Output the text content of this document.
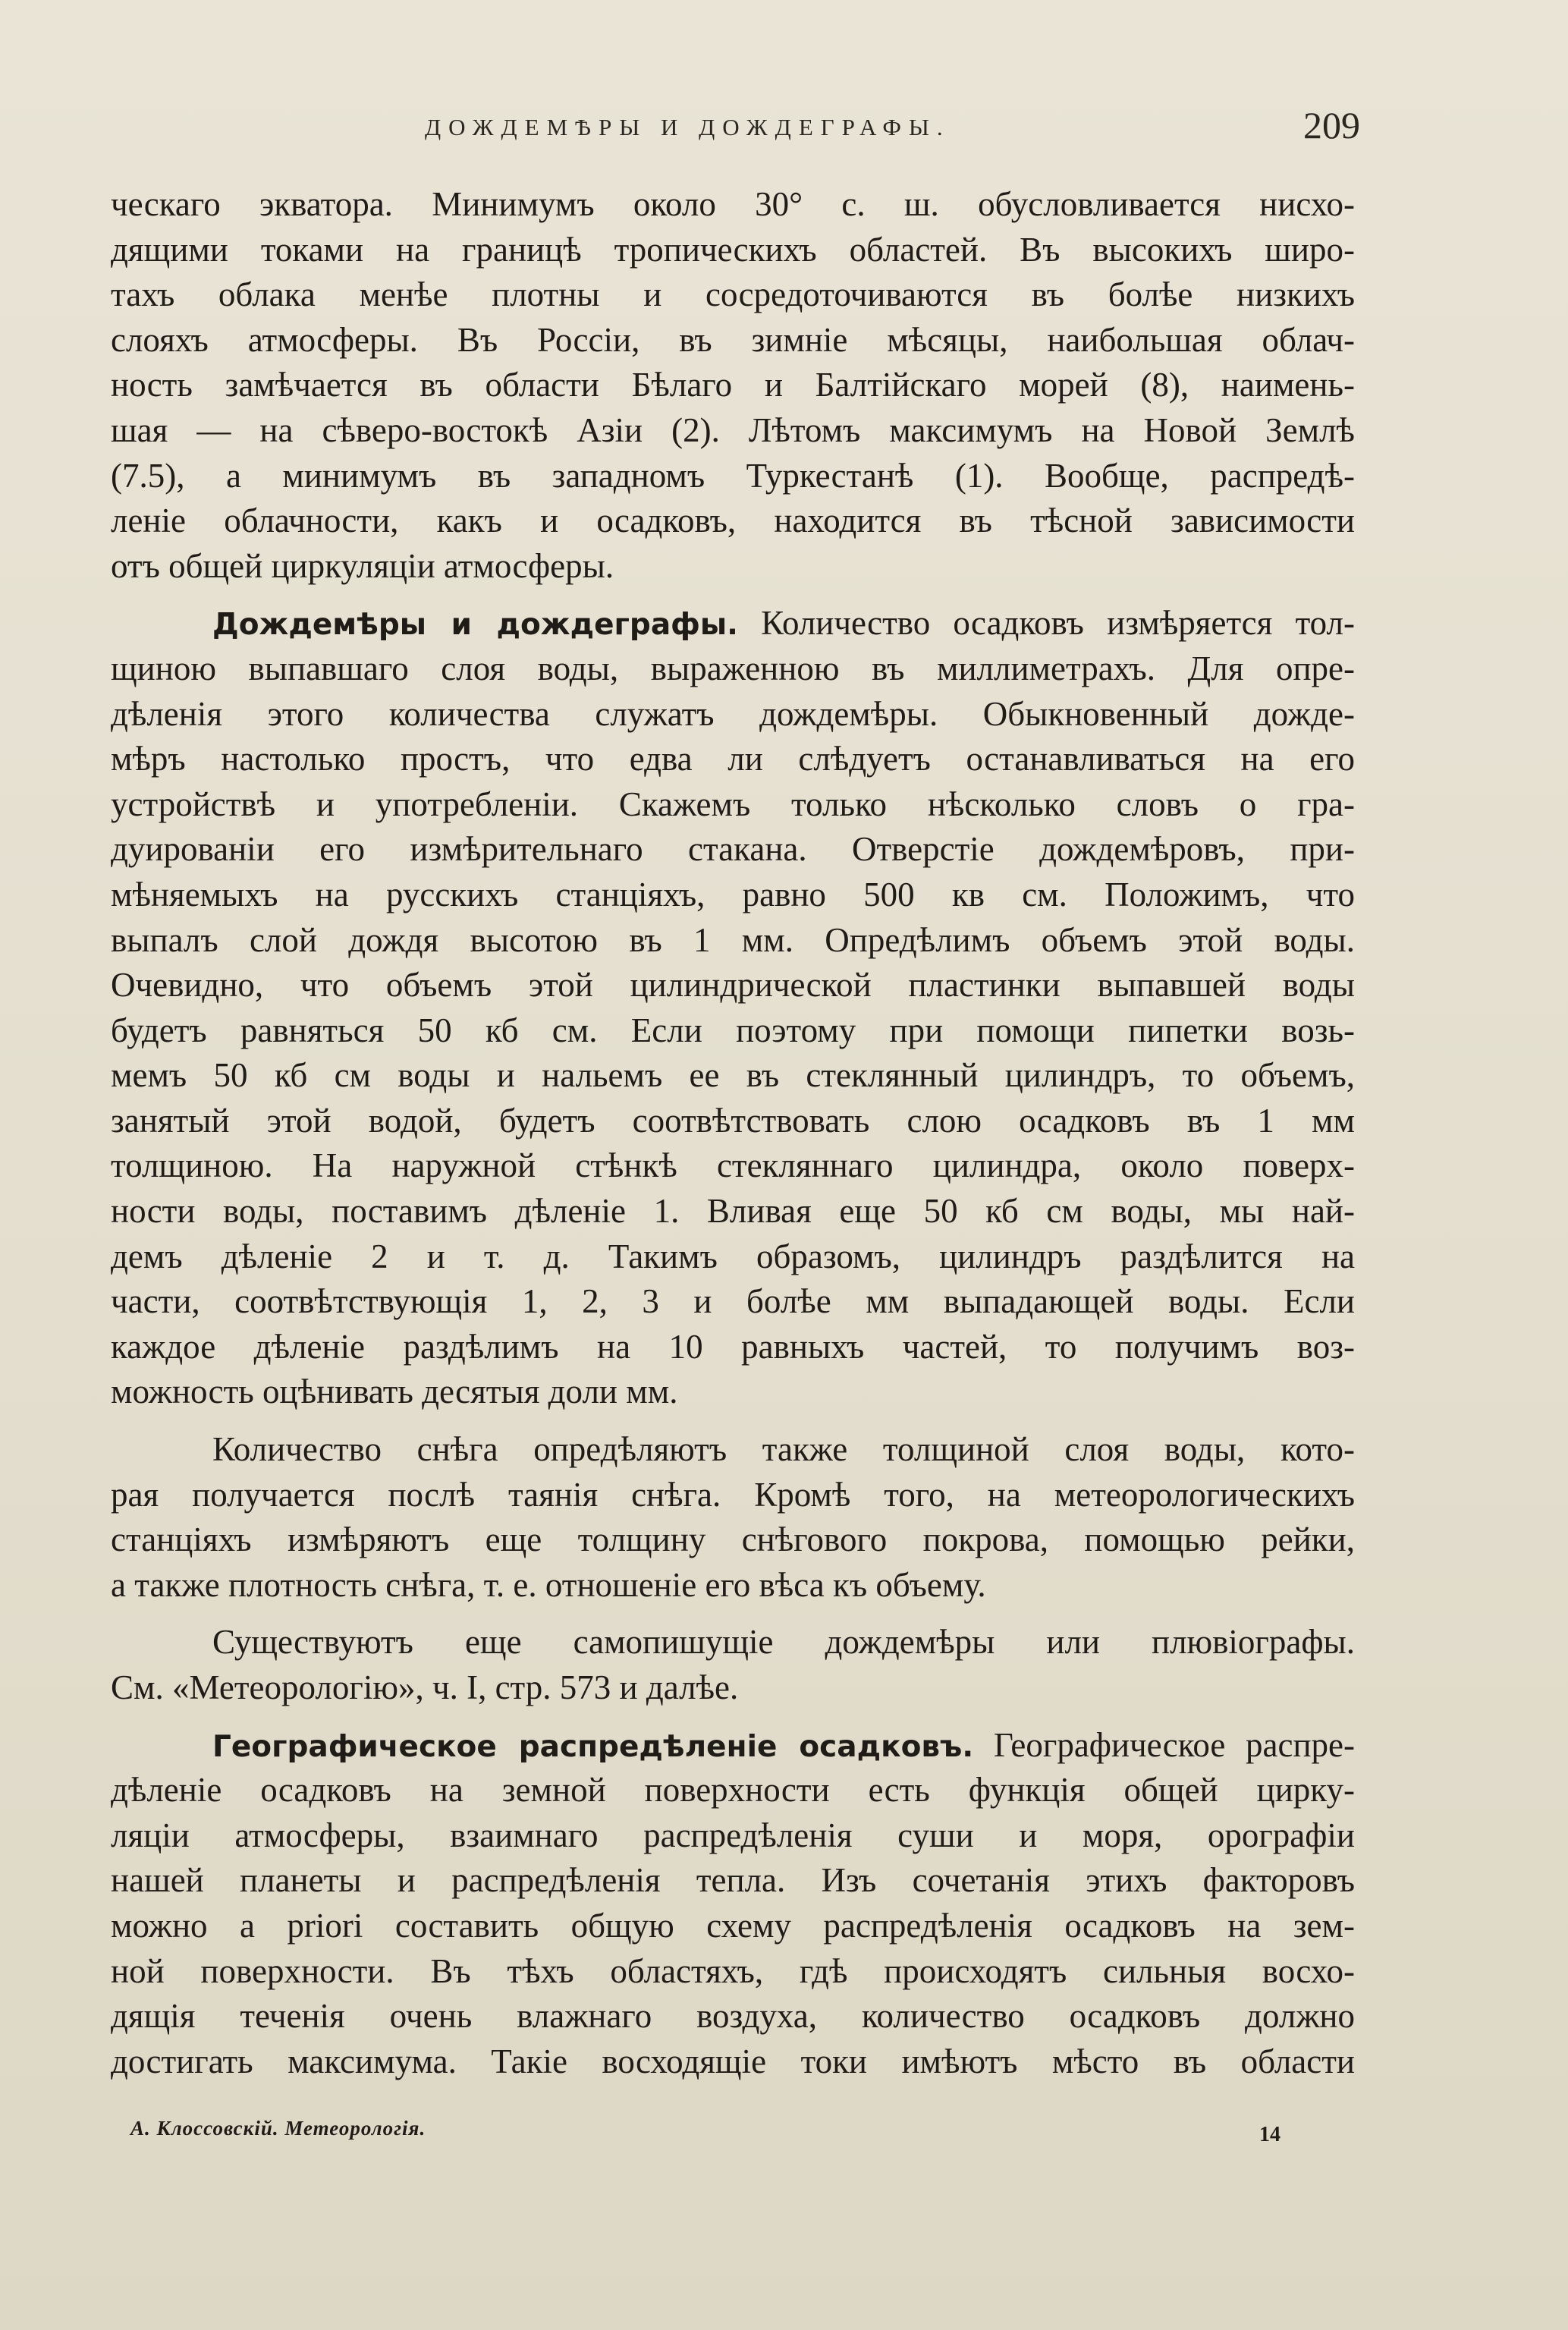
ДОЖДЕМѢРЫ И ДОЖДЕГРАФЫ.	209
ческаго экватора. Минимумъ около 30° с. ш. обусловливается нисхо-
дящими токами на границѣ тропическихъ областей. Въ высокихъ широ-
тахъ облака менѣе плотны и сосредоточиваются въ болѣе низкихъ
слояхъ атмосферы. Въ Россіи, въ зимніе мѣсяцы, наибольшая облач-
ность замѣчается въ области Бѣлаго и Балтійскаго морей (8), наимень-
шая — на сѣверо-востокѣ Азіи (2). Лѣтомъ максимумъ на Новой Землѣ
(7.5), а минимумъ въ западномъ Туркестанѣ (1). Вообще, распредѣ-
леніе облачности, какъ и осадковъ, находится въ тѣсной зависимости
отъ общей циркуляціи атмосферы.
Дождемѣры и дождеграфы. Количество осадковъ измѣряется тол-
щиною выпавшаго слоя воды, выраженною въ миллиметрахъ. Для опре-
дѣленія этого количества служатъ дождемѣры. Обыкновенный дожде-
мѣръ настолько простъ, что едва ли слѣдуетъ останавливаться на его
устройствѣ и употребленіи. Скажемъ только нѣсколько словъ о гра-
дуированіи его измѣрительнаго стакана. Отверстіе дождемѣровъ, при-
мѣняемыхъ на русскихъ станціяхъ, равно 500 кв см. Положимъ, что
выпалъ слой дождя высотою въ 1 мм. Опредѣлимъ объемъ этой воды.
Очевидно, что объемъ этой цилиндрической пластинки выпавшей воды
будетъ равняться 50 кб см. Если поэтому при помощи пипетки возь-
мемъ 50 кб см воды и нальемъ ее въ стеклянный цилиндръ, то объемъ,
занятый этой водой, будетъ соотвѣтствовать слою осадковъ въ 1 мм
толщиною. На наружной стѣнкѣ стекляннаго цилиндра, около поверх-
ности воды, поставимъ дѣленіе 1. Вливая еще 50 кб см воды, мы най-
демъ дѣленіе 2 и т. д. Такимъ образомъ, цилиндръ раздѣлится на
части, соотвѣтствующія 1, 2, 3 и болѣе мм выпадающей воды. Если
каждое дѣленіе раздѣлимъ на 10 равныхъ частей, то получимъ воз-
можность оцѣнивать десятыя доли мм.
Количество снѣга опредѣляютъ также толщиной слоя воды, кото-
рая получается послѣ таянія снѣга. Кромѣ того, на метеорологическихъ
станціяхъ измѣряютъ еще толщину снѣгового покрова, помощью рейки,
а также плотность снѣга, т. е. отношеніе его вѣса къ объему.
Существуютъ еще самопишущіе дождемѣры или плювіографы.
См. «Метеорологію», ч. I, стр. 573 и далѣе.
Географическое распредѣленіе осадковъ. Географическое распре-
дѣленіе осадковъ на земной поверхности есть функція общей цирку-
ляціи атмосферы, взаимнаго распредѣленія суши и моря, орографіи
нашей планеты и распредѣленія тепла. Изъ сочетанія этихъ факторовъ
можно a priori составить общую схему распредѣленія осадковъ на зем-
ной поверхности. Въ тѣхъ областяхъ, гдѣ происходятъ сильныя восхо-
дящія теченія очень влажнаго воздуха, количество осадковъ должно
достигать максимума. Такіе восходящіе токи имѣютъ мѣсто въ области
А. Клоссовскій. Метеорологія.	14
